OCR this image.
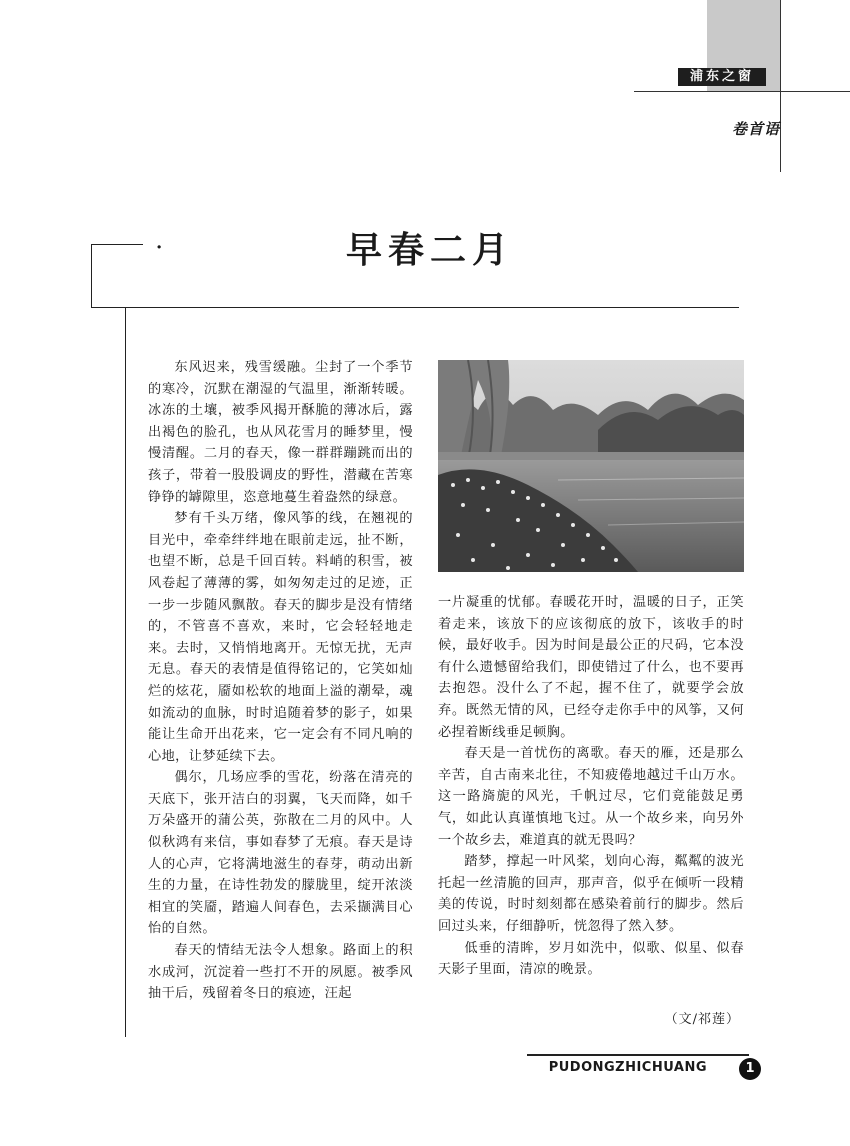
浦东之窗
卷首语
·	早春二月

东风迟来，残雪缓融。尘封了一个季节的寒冷，沉默在潮湿的气温里，渐渐转暖。冰冻的土壤，被季风揭开酥脆的薄冰后，露出褐色的脸孔，也从风花雪月的睡梦里，慢慢清醒。二月的春天，像一群群蹦跳而出的孩子，带着一股股调皮的野性，潜藏在苦寒铮铮的罅隙里，恣意地蔓生着盎然的绿意。

梦有千头万绪，像风筝的线，在翘视的目光中，牵牵绊绊地在眼前走远，扯不断，也望不断，总是千回百转。料峭的积雪，被风卷起了薄薄的雾，如匆匆走过的足迹，正一步一步随风飘散。春天的脚步是没有情绪的，不管喜不喜欢，来时，它会轻轻地走来。去时，又悄悄地离开。无惊无扰，无声无息。春天的表情是值得铭记的，它笑如灿烂的炫花，靥如松软的地面上溢的潮晕，魂如流动的血脉，时时追随着梦的影子，如果能让生命开出花来，它一定会有不同凡响的心地，让梦延续下去。

偶尔，几场应季的雪花，纷落在清亮的天底下，张开洁白的羽翼，飞天而降，如千万朵盛开的蒲公英，弥散在二月的风中。人似秋鸿有来信，事如春梦了无痕。春天是诗人的心声，它将满地滋生的春芽，萌动出新生的力量，在诗性勃发的朦胧里，绽开浓淡相宜的笑靥，踏遍人间春色，去采撷满目心怡的自然。

春天的情结无法令人想象。路面上的积水成河，沉淀着一些打不开的夙愿。被季风抽干后，残留着冬日的痕迹，汪起

一片凝重的忧郁。春暖花开时，温暖的日子，正笑着走来，该放下的应该彻底的放下，该收手的时候，最好收手。因为时间是最公正的尺码，它本没有什么遗憾留给我们，即使错过了什么，也不要再去抱怨。没什么了不起，握不住了，就要学会放弃。既然无情的风，已经夺走你手中的风筝，又何必捏着断线垂足顿胸。

春天是一首忧伤的离歌。春天的雁，还是那么辛苦，自古南来北往，不知疲倦地越过千山万水。这一路旖旎的风光，千帆过尽，它们竟能鼓足勇气，如此认真谨慎地飞过。从一个故乡来，向另外一个故乡去，难道真的就无畏吗？

踏梦，撑起一叶风桨，划向心海，粼粼的波光托起一丝清脆的回声，那声音，似乎在倾听一段精美的传说，时时刻刻都在感染着前行的脚步。然后回过头来，仔细静听，恍忽得了然入梦。

低垂的清眸，岁月如洗中，似歌、似星、似春天影子里面，清凉的晚景。

（文/祁莲）
PUDONGZHICHUANG	1
